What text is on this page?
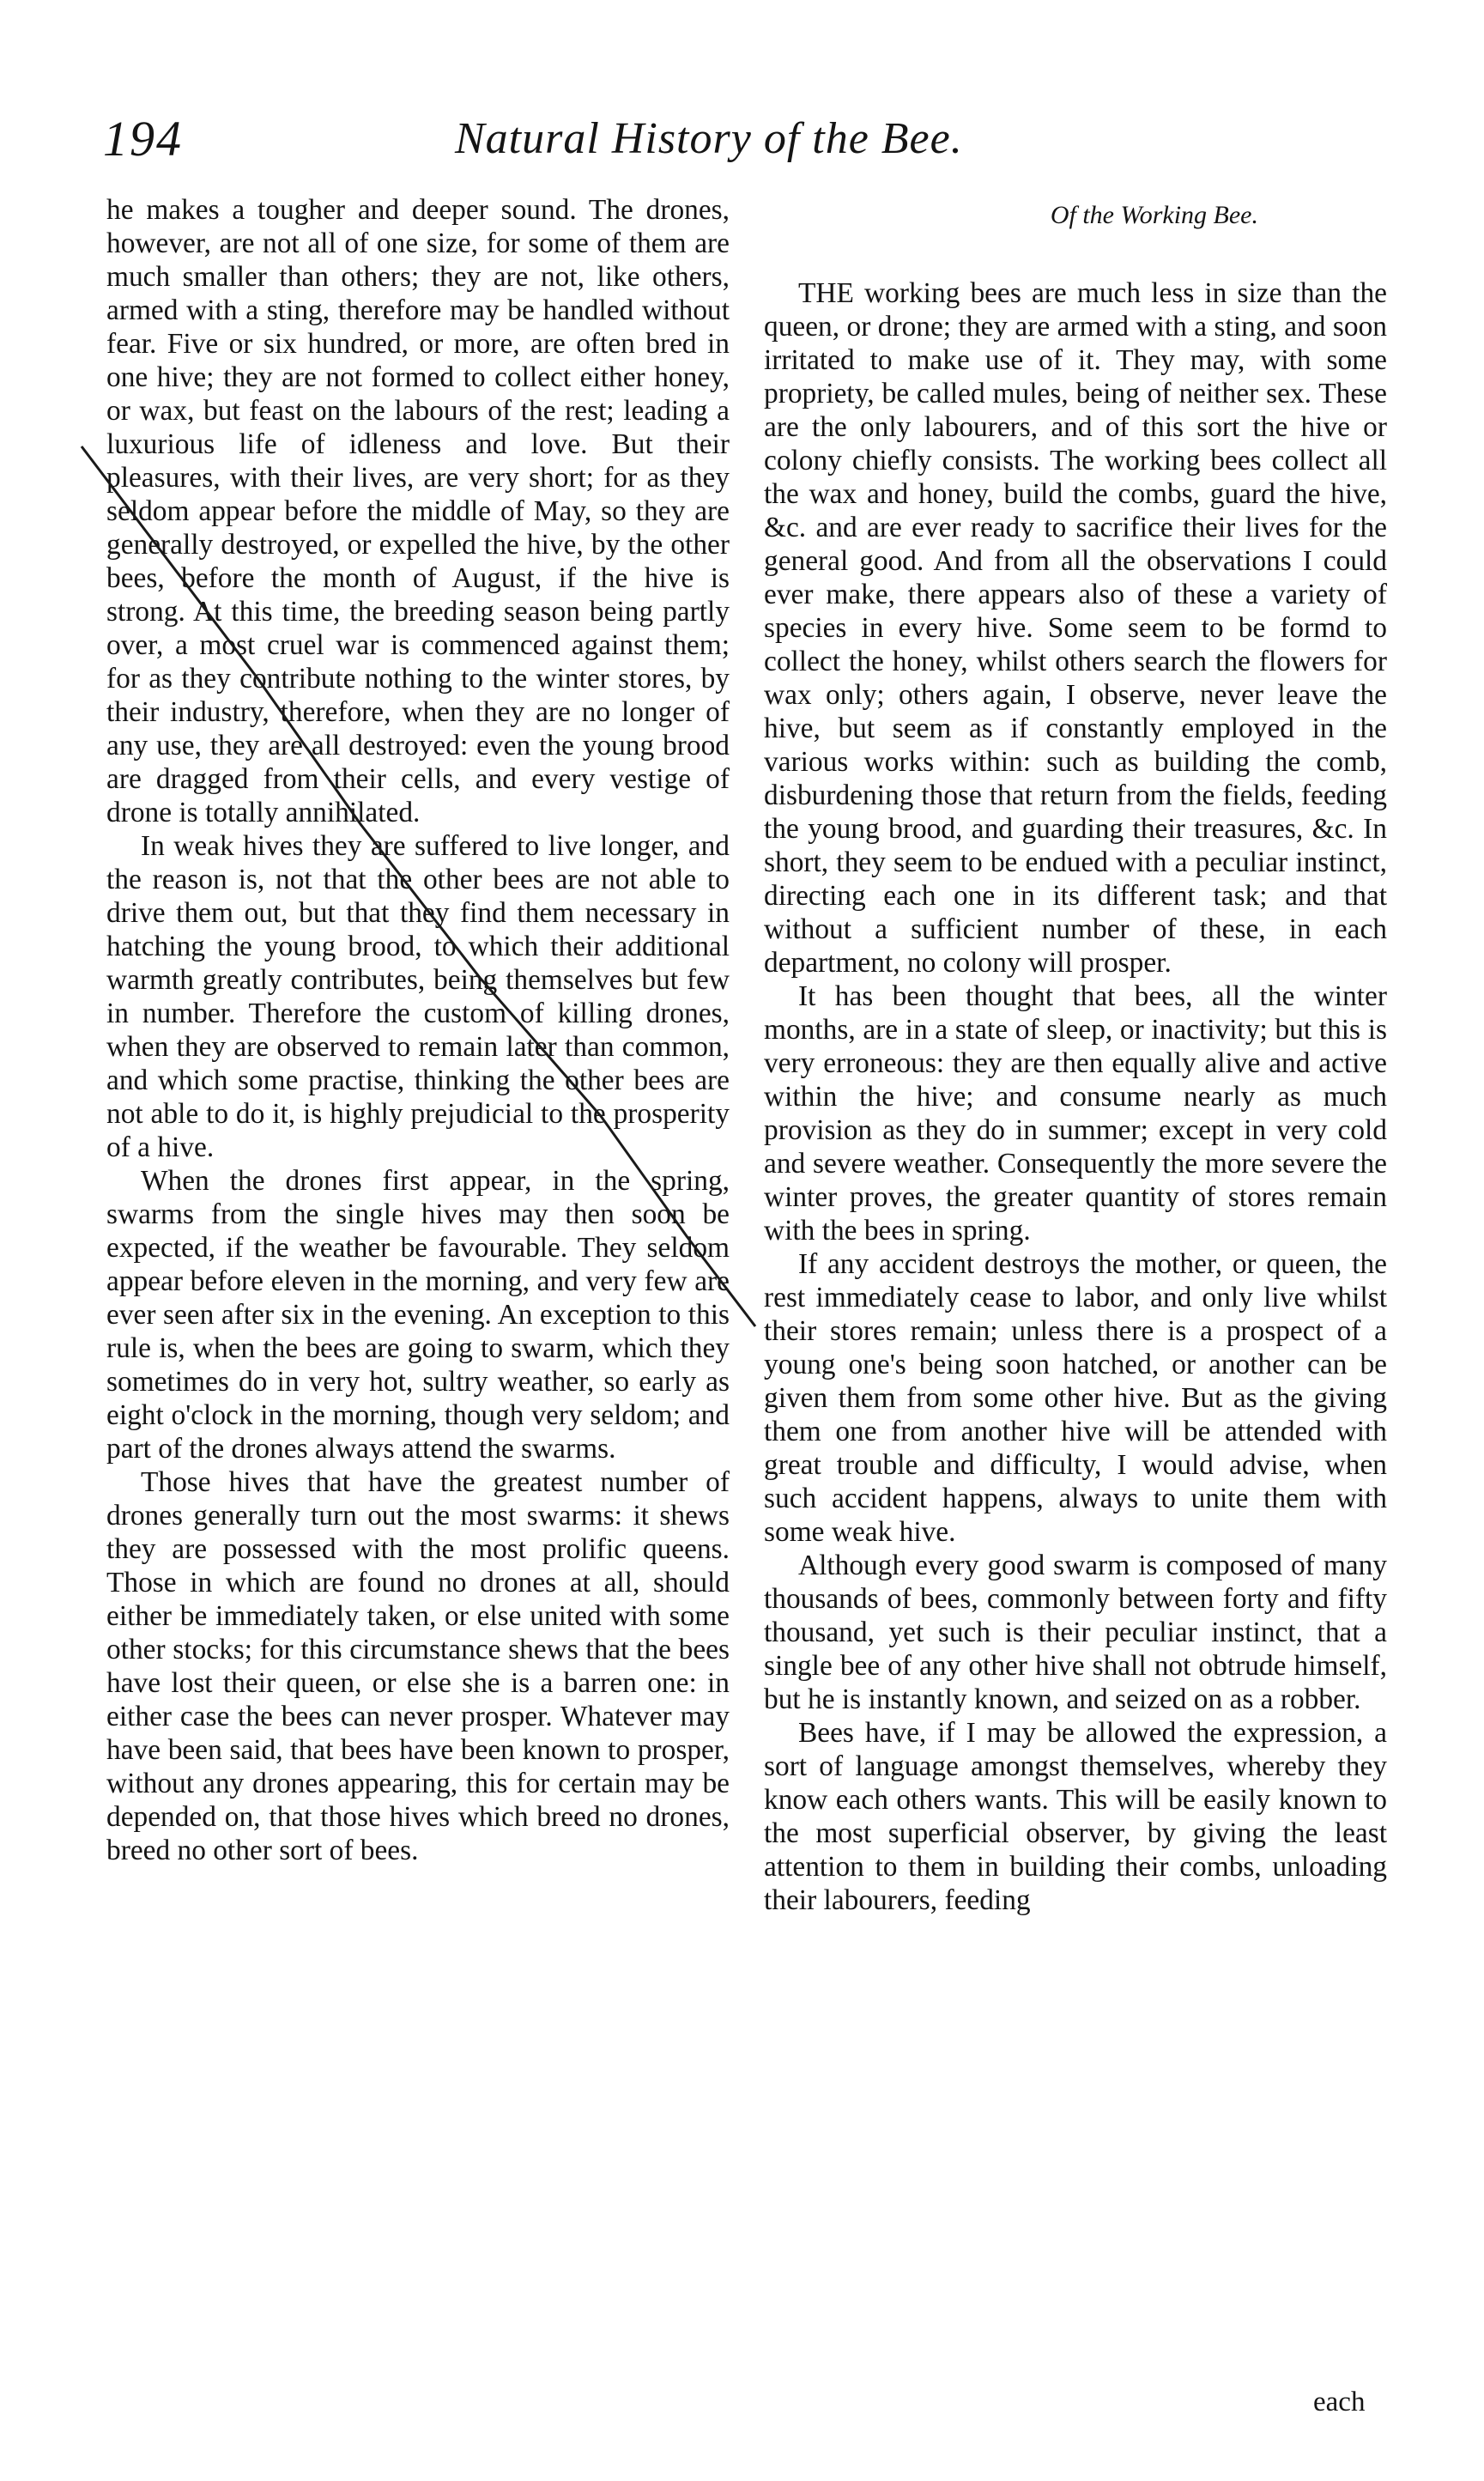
194	Natural History of the Bee.

he makes a tougher and deeper sound. The drones, however, are not all of one size, for some of them are much smaller than others; they are not, like others, armed with a sting, therefore may be handled without fear. Five or six hundred, or more, are often bred in one hive; they are not formed to collect either honey, or wax, but feast on the labours of the rest; leading a luxurious life of idleness and love. But their pleasures, with their lives, are very short; for as they seldom appear before the middle of May, so they are generally destroyed, or expelled the hive, by the other bees, before the month of August, if the hive is strong. At this time, the breeding season being partly over, a most cruel war is commenced against them; for as they contribute nothing to the winter stores, by their industry, therefore, when they are no longer of any use, they are all destroyed: even the young brood are dragged from their cells, and every vestige of drone is totally annihilated.

In weak hives they are suffered to live longer, and the reason is, not that the other bees are not able to drive them out, but that they find them necessary in hatching the young brood, to which their additional warmth greatly contributes, being themselves but few in number. Therefore the custom of killing drones, when they are observed to remain later than common, and which some practise, thinking the other bees are not able to do it, is highly prejudicial to the prosperity of a hive.

When the drones first appear, in the spring, swarms from the single hives may then soon be expected, if the weather be favourable. They seldom appear before eleven in the morning, and very few are ever seen after six in the evening. An exception to this rule is, when the bees are going to swarm, which they sometimes do in very hot, sultry weather, so early as eight o'clock in the morning, though very seldom; and part of the drones always attend the swarms.

Those hives that have the greatest number of drones generally turn out the most swarms: it shews they are possessed with the most prolific queens. Those in which are found no drones at all, should either be immediately taken, or else united with some other stocks; for this circumstance shews that the bees have lost their queen, or else she is a barren one: in either case the bees can never prosper. Whatever may have been said, that bees have been known to prosper, without any drones appearing, this for certain may be depended on, that those hives which breed no drones, breed no other sort of bees.

Of the Working Bee.

THE working bees are much less in size than the queen, or drone; they are armed with a sting, and soon irritated to make use of it. They may, with some propriety, be called mules, being of neither sex. These are the only labourers, and of this sort the hive or colony chiefly consists. The working bees collect all the wax and honey, build the combs, guard the hive, &c. and are ever ready to sacrifice their lives for the general good. And from all the observations I could ever make, there appears also of these a variety of species in every hive. Some seem to be formd to collect the honey, whilst others search the flowers for wax only; others again, I observe, never leave the hive, but seem as if constantly employed in the various works within: such as building the comb, disburdening those that return from the fields, feeding the young brood, and guarding their treasures, &c. In short, they seem to be endued with a peculiar instinct, directing each one in its different task; and that without a sufficient number of these, in each department, no colony will prosper.

It has been thought that bees, all the winter months, are in a state of sleep, or inactivity; but this is very erroneous: they are then equally alive and active within the hive; and consume nearly as much provision as they do in summer; except in very cold and severe weather. Consequently the more severe the winter proves, the greater quantity of stores remain with the bees in spring.

If any accident destroys the mother, or queen, the rest immediately cease to labor, and only live whilst their stores remain; unless there is a prospect of a young one's being soon hatched, or another can be given them from some other hive. But as the giving them one from another hive will be attended with great trouble and difficulty, I would advise, when such accident happens, always to unite them with some weak hive.

Although every good swarm is composed of many thousands of bees, commonly between forty and fifty thousand, yet such is their peculiar instinct, that a single bee of any other hive shall not obtrude himself, but he is instantly known, and seized on as a robber.

Bees have, if I may be allowed the expression, a sort of language amongst themselves, whereby they know each others wants. This will be easily known to the most superficial observer, by giving the least attention to them in building their combs, unloading their labourers, feeding

each
